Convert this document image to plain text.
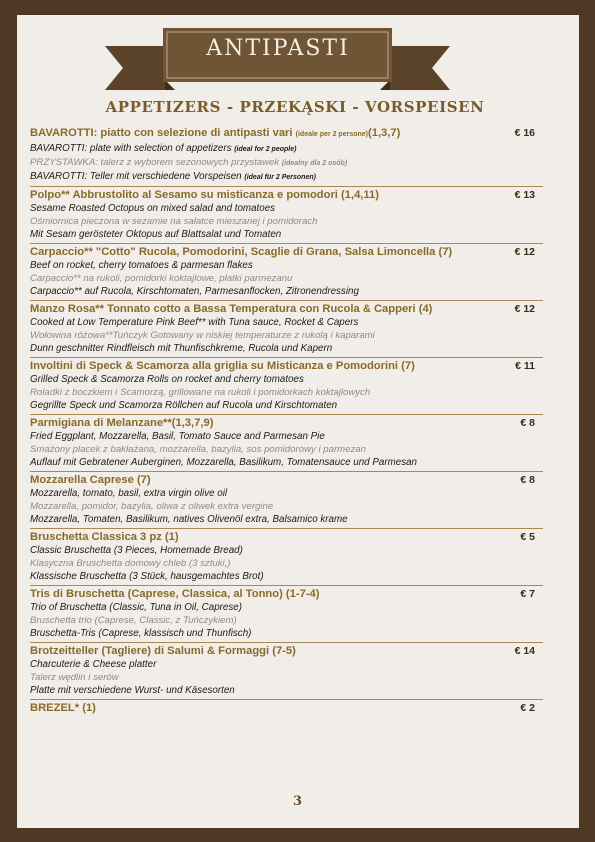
ANTIPASTI
APPETIZERS - PRZEKĄSKI - VORSPEISEN
BAVAROTTI: piatto con selezione di antipasti vari (ideale per 2 persone)(1,3,7)	€ 16
BAVAROTTI: plate with selection of appetizers (ideal for 2 people)
PRZYSTAWKA: talerz z wyborem sezonowych przystawek (idealny dla 2 osób)
BAVAROTTI: Teller mit verschiedene Vorspeisen (ideal für 2 Personen)
Polpo** Abbrustolito al Sesamo su misticanza e pomodori (1,4,11)	€ 13
Sesame Roasted Octopus on mixed salad and tomatoes
Ośmiornica pieczona w sezamie na sałatce mieszanej i pomidorach
Mit Sesam gerösteter Oktopus auf Blattsalat und Tomaten
Carpaccio** "Cotto" Rucola, Pomodorini, Scaglie di Grana, Salsa Limoncella (7)	€ 12
Beef on rocket, cherry tomatoes & parmesan flakes
Carpaccio** na rukoli, pomidorki koktajlowe, płatki parmezanu
Carpaccio** auf Rucola, Kirschtomaten, Parmesanflocken, Zitronendressing
Manzo Rosa** Tonnato cotto a Bassa Temperatura con Rucola & Capperi (4)	€ 12
Cooked at Low Temperature Pink Beef** with Tuna sauce, Rocket & Capers
Wołowina różowa**Tuńczyk Gotowany w niskiej temperaturze z rukolą i kaparami
Dunn geschnitter Rindfleisch mit Thunfischkreme, Rucola und Kapern
Involtini di Speck & Scamorza alla griglia su Misticanza e Pomodorini (7)	€ 11
Grilled Speck & Scamorza Rolls on rocket and cherry tomatoes
Roladki z boczkiem i Scamorzą, grillowane na rukoli i pomidorkach koktajlowych
Gegrillte Speck und Scamorza Röllchen auf Rucola und Kirschtomaten
Parmigiana di Melanzane**(1,3,7,9)	€ 8
Fried Eggplant, Mozzarella, Basil, Tomato Sauce and Parmesan Pie
Smażony placek z bakłażana, mozzarella, bazylia, sos pomidorowy i parmezan
Auflauf mit Gebratener Auberginen, Mozzarella, Basilikum, Tomatensauce und Parmesan
Mozzarella Caprese (7)	€ 8
Mozzarella, tomato, basil, extra virgin olive oil
Mozzarella, pomidor, bazylia, oliwa z oliwek extra vergine
Mozzarella, Tomaten, Basilikum, natives Olivenöl extra, Balsamico krame
Bruschetta Classica 3 pz (1)	€ 5
Classic Bruschetta (3 Pieces, Homemade Bread)
Klasyczna Bruschetta domowy chleb (3 sztuki,)
Klassische Bruschetta (3 Stück, hausgemachtes Brot)
Tris di Bruschetta (Caprese, Classica, al Tonno) (1-7-4)	€ 7
Trio of Bruschetta (Classic, Tuna in Oil, Caprese)
Bruschetta trio (Caprese, Classic, z Tuńczykiem)
Bruschetta-Tris (Caprese, klassisch und Thunfisch)
Brotzeitteller (Tagliere) di Salumi & Formaggi (7-5)	€ 14
Charcuterie & Cheese platter
Talerz wędlin i serów
Platte mit verschiedene Wurst- und Käsesorten
BREZEL* (1)	€ 2
3
